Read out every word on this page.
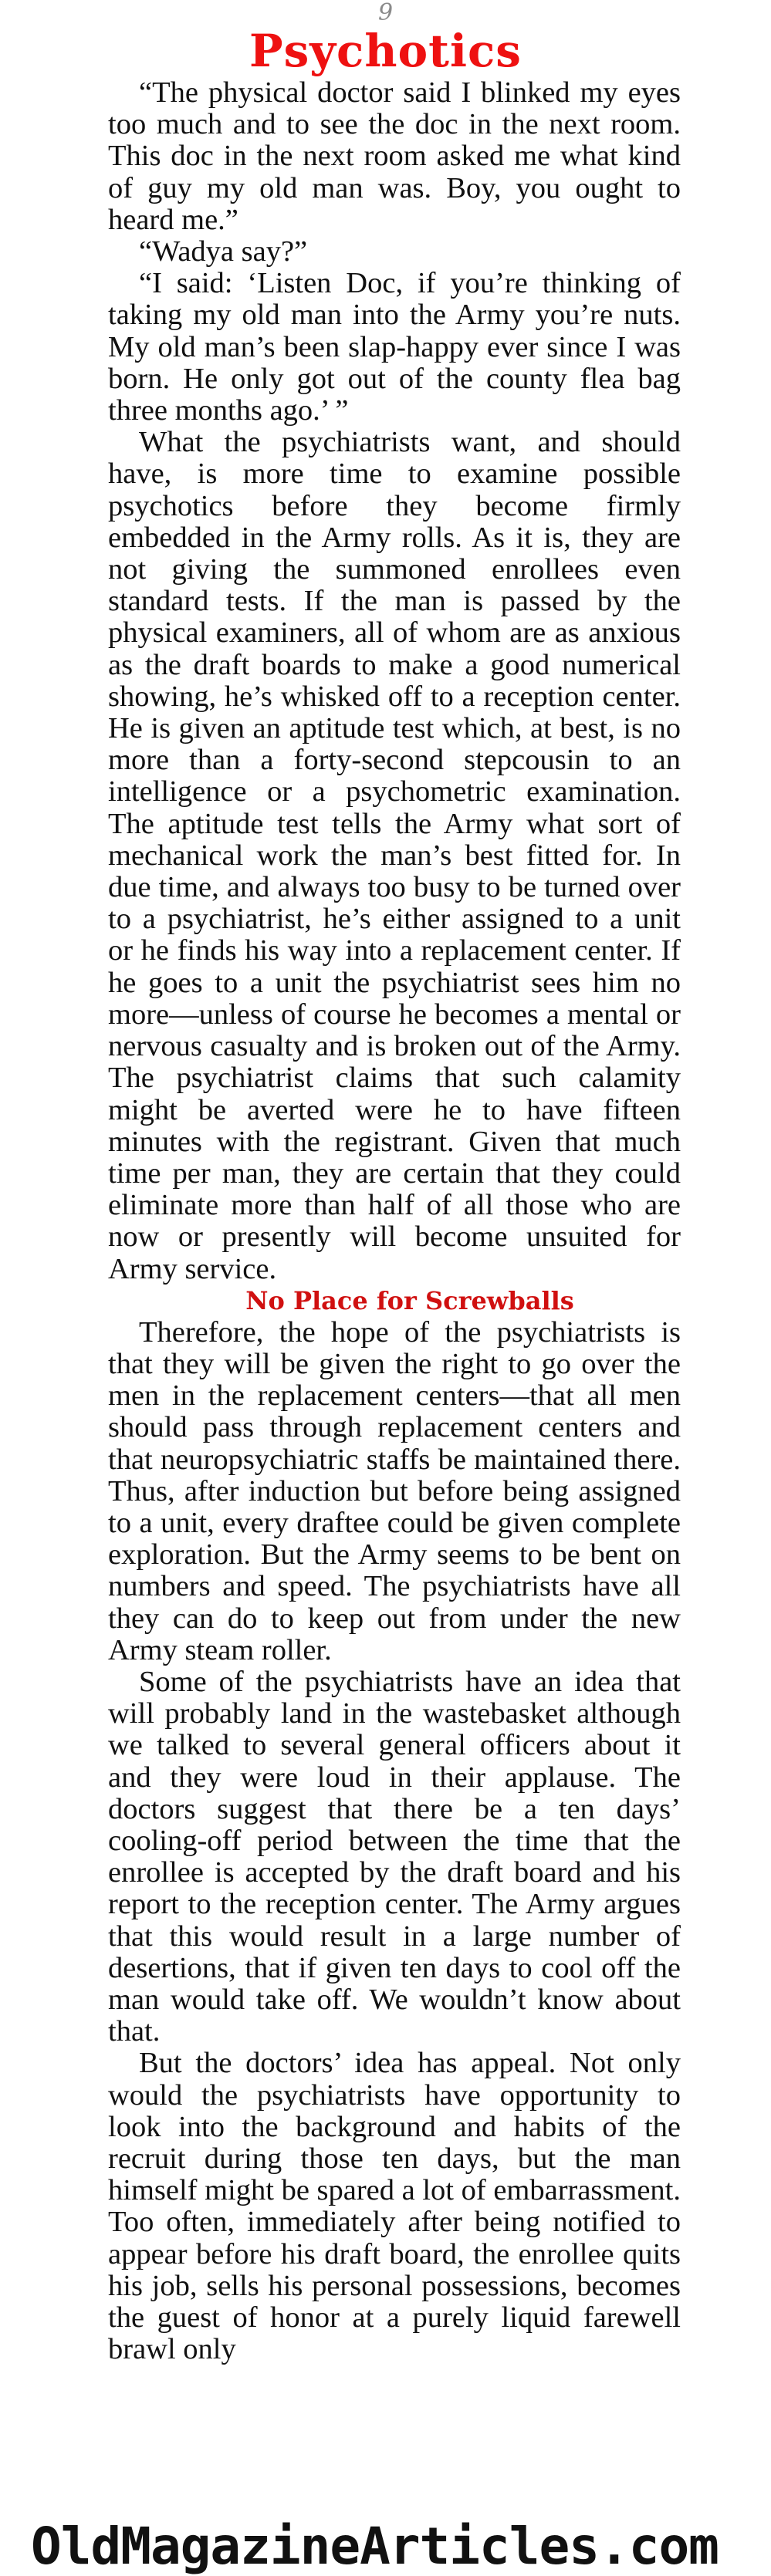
9
Psychotics

“The physical doctor said I blinked my eyes too much and to see the doc in the next room. This doc in the next room asked me what kind of guy my old man was. Boy, you ought to heard me.”

“Wadya say?”

“I said: ‘Listen Doc, if you’re thinking of taking my old man into the Army you’re nuts. My old man’s been slap-happy ever since I was born. He only got out of the county flea bag three months ago.’ ”

What the psychiatrists want, and should have, is more time to examine possible psychotics before they become firmly embedded in the Army rolls. As it is, they are not giving the summoned enrollees even standard tests. If the man is passed by the physical examiners, all of whom are as anxious as the draft boards to make a good numerical showing, he’s whisked off to a reception center. He is given an aptitude test which, at best, is no more than a forty-second stepcousin to an intelligence or a psychometric examination. The aptitude test tells the Army what sort of mechanical work the man’s best fitted for. In due time, and always too busy to be turned over to a psychiatrist, he’s either assigned to a unit or he finds his way into a replacement center. If he goes to a unit the psychiatrist sees him no more—unless of course he becomes a mental or nervous casualty and is broken out of the Army. The psychiatrist claims that such calamity might be averted were he to have fifteen minutes with the registrant. Given that much time per man, they are certain that they could eliminate more than half of all those who are now or presently will become unsuited for Army service.

No Place for Screwballs

Therefore, the hope of the psychiatrists is that they will be given the right to go over the men in the replacement centers—that all men should pass through replacement centers and that neuropsychiatric staffs be maintained there. Thus, after induction but before being assigned to a unit, every draftee could be given complete exploration. But the Army seems to be bent on numbers and speed. The psychiatrists have all they can do to keep out from under the new Army steam roller.

Some of the psychiatrists have an idea that will probably land in the wastebasket although we talked to several general officers about it and they were loud in their applause. The doctors suggest that there be a ten days’ cooling-off period between the time that the enrollee is accepted by the draft board and his report to the reception center. The Army argues that this would result in a large number of desertions, that if given ten days to cool off the man would take off. We wouldn’t know about that.

But the doctors’ idea has appeal. Not only would the psychiatrists have opportunity to look into the background and habits of the recruit during those ten days, but the man himself might be spared a lot of embarrassment. Too often, immediately after being notified to appear before his draft board, the enrollee quits his job, sells his personal possessions, becomes the guest of honor at a purely liquid farewell brawl only

OldMagazineArticles.com
